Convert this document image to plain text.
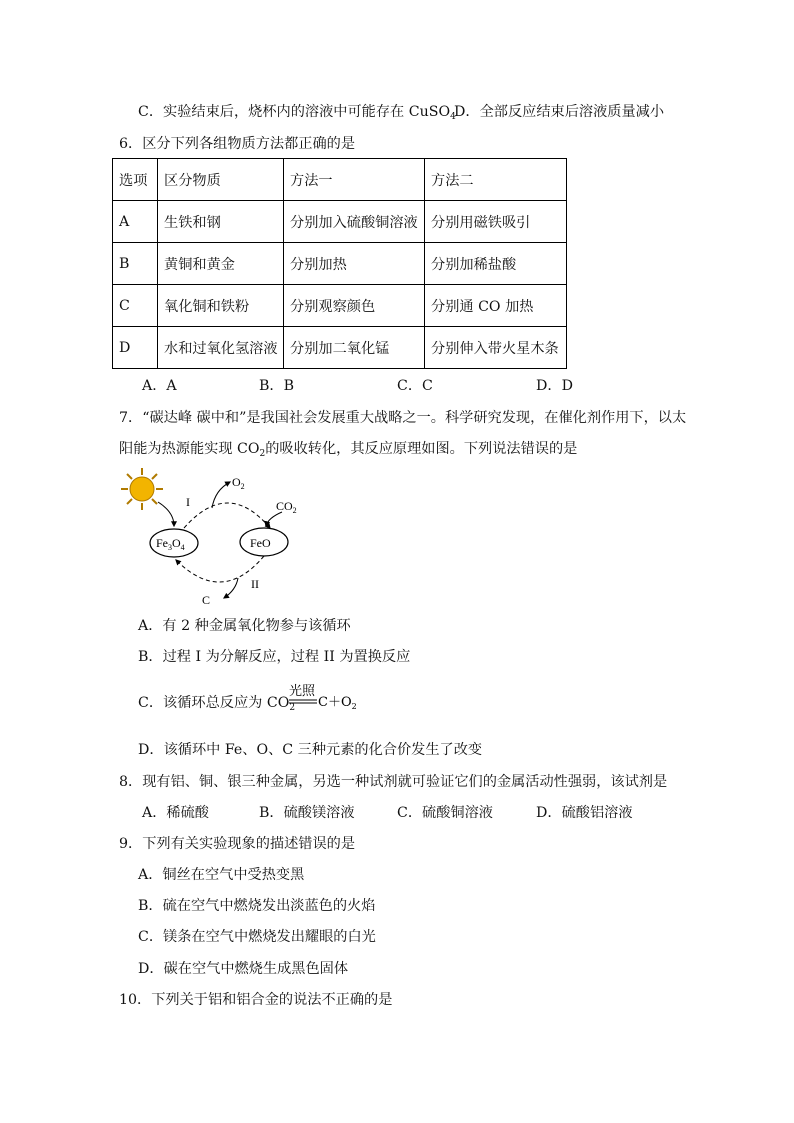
C．实验结束后，烧杯内的溶液中可能存在 CuSO$_4$
D．全部反应结束后溶液质量减小
6．区分下列各组物质方法都正确的是
选项	区分物质	方法一	方法二
A	生铁和钢	分别加入硫酸铜溶液	分别用磁铁吸引
B	黄铜和黄金	分别加热	分别加稀盐酸
C	氧化铜和铁粉	分别观察颜色	分别通 CO 加热
D	水和过氧化氢溶液	分别加二氧化锰	分别伸入带火星木条
A．A	B．B	C．C	D．D
7．“碳达峰 碳中和”是我国社会发展重大战略之一。科学研究发现，在催化剂作用下，以太
阳能为热源能实现 $CO_2$的吸收转化，其反应原理如图。下列说法错误的是
$Fe_3O_4$	FeO
I
II
$O_2$
$CO_2$
C
A．有 2 种金属氧化物参与该循环
B．过程 I 为分解反应，过程 II 为置换反应
C．该循环总反应为 $CO_2$
光照
$C+O_2$
D．该循环中 Fe、O、C 三种元素的化合价发生了改变
8．现有铝、铜、银三种金属，另选一种试剂就可验证它们的金属活动性强弱，该试剂是
A．稀硫酸	B．硫酸镁溶液	C．硫酸铜溶液	D．硫酸铝溶液
9．下列有关实验现象的描述错误的是
A．铜丝在空气中受热变黑
B．硫在空气中燃烧发出淡蓝色的火焰
C．镁条在空气中燃烧发出耀眼的白光
D．碳在空气中燃烧生成黑色固体
10．下列关于铝和铝合金的说法不正确的是
